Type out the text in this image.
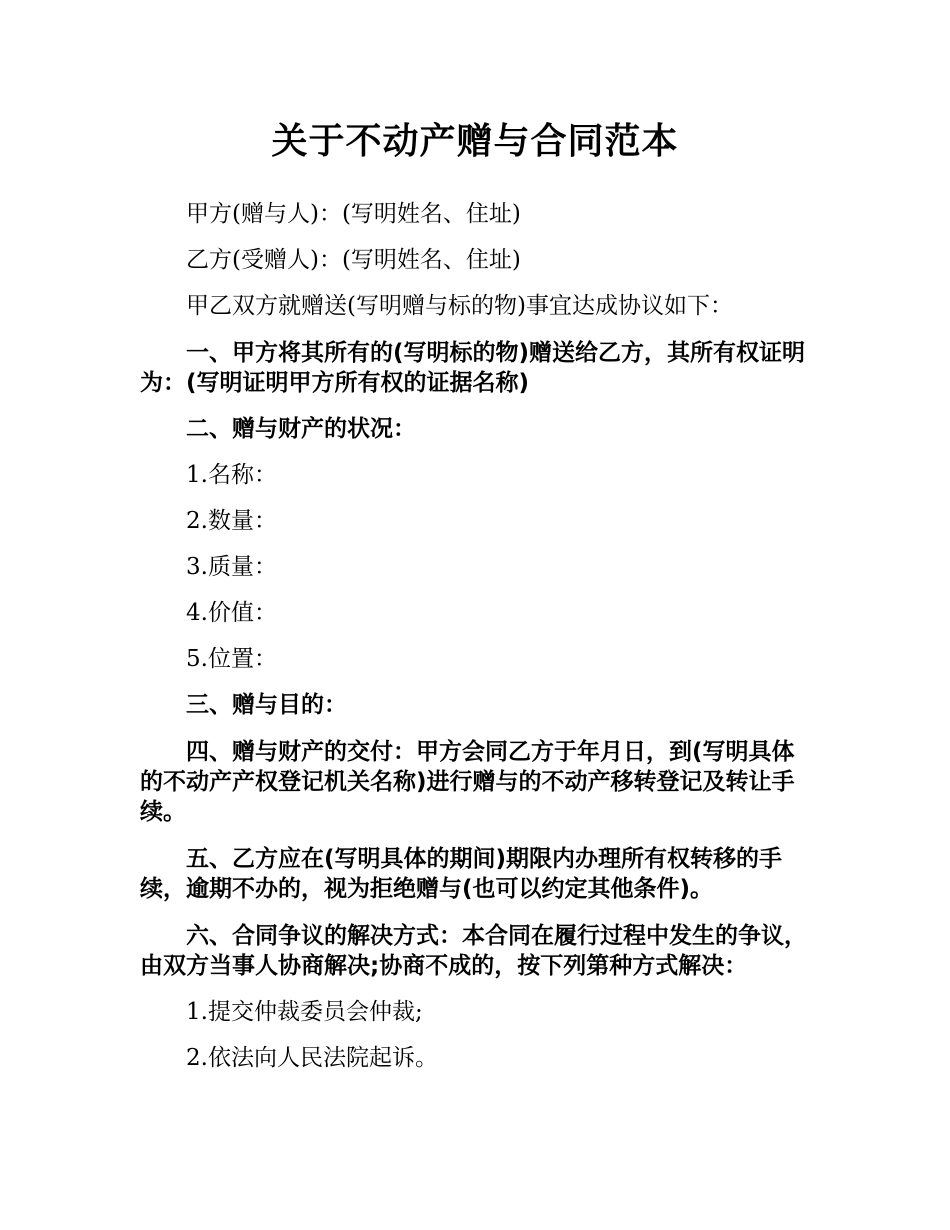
关于不动产赠与合同范本

甲方(赠与人)：(写明姓名、住址)

乙方(受赠人)：(写明姓名、住址)

甲乙双方就赠送(写明赠与标的物)事宜达成协议如下：

一、甲方将其所有的(写明标的物)赠送给乙方，其所有权证明为：(写明证明甲方所有权的证据名称)

二、赠与财产的状况：

1.名称：

2.数量：

3.质量：

4.价值：

5.位置：

三、赠与目的：

四、赠与财产的交付：甲方会同乙方于年月日，到(写明具体的不动产产权登记机关名称)进行赠与的不动产移转登记及转让手续。

五、乙方应在(写明具体的期间)期限内办理所有权转移的手续，逾期不办的，视为拒绝赠与(也可以约定其他条件)。

六、合同争议的解决方式：本合同在履行过程中发生的争议，由双方当事人协商解决;协商不成的，按下列第种方式解决：

1.提交仲裁委员会仲裁;

2.依法向人民法院起诉。
